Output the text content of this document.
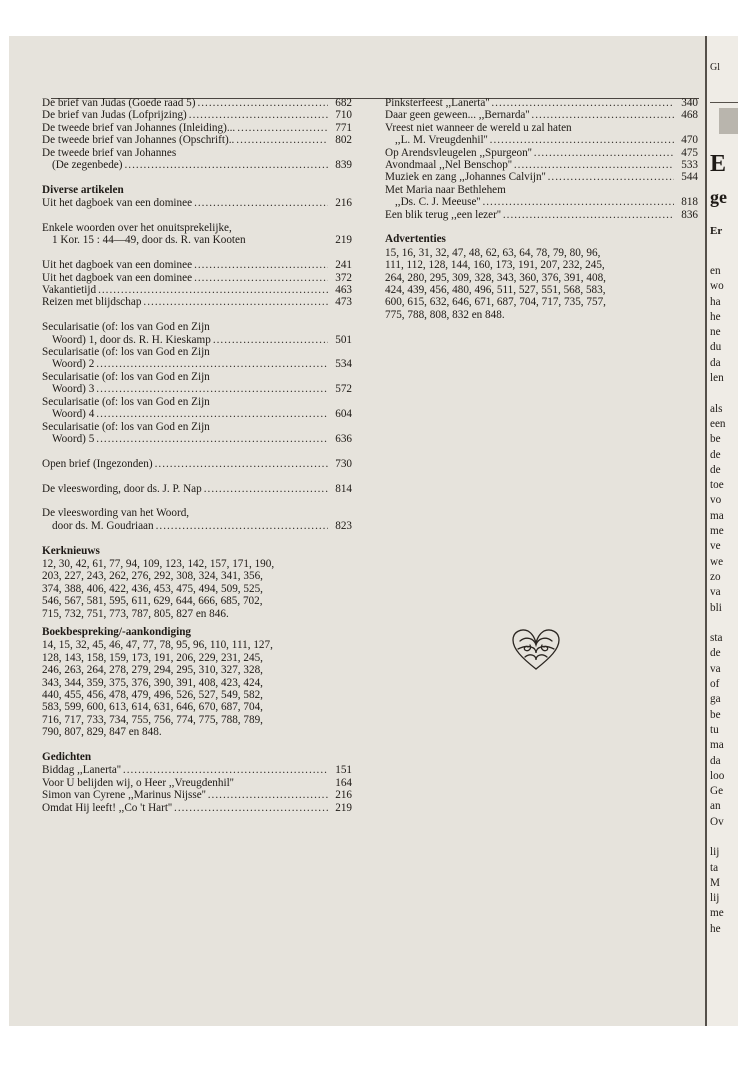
De brief van Judas (Goede raad 5) .....	682
De brief van Judas (Lofprijzing) .....	710
De tweede brief van Johannes (Inleiding)... .....	771
De tweede brief van Johannes (Opschrift).. .....	802
De tweede brief van Johannes
(De zegenbede) .....	839
Diverse artikelen
Uit het dagboek van een dominee .....	216
Enkele woorden over het onuitsprekelijke,
1 Kor. 15 : 44—49, door ds. R. van Kooten	219
Uit het dagboek van een dominee .....	241
Uit het dagboek van een dominee .....	372
Vakantietijd .....	463
Reizen met blijdschap .....	473
Secularisatie (of: los van God en Zijn
Woord) 1, door ds. R. H. Kieskamp .....	501
Secularisatie (of: los van God en Zijn
Woord) 2 .....	534
Secularisatie (of: los van God en Zijn
Woord) 3 .....	572
Secularisatie (of: los van God en Zijn
Woord) 4 .....	604
Secularisatie (of: los van God en Zijn
Woord) 5 .....	636
Open brief (Ingezonden) .....	730
De vleeswording, door ds. J. P. Nap .....	814
De vleeswording van het Woord,
door ds. M. Goudriaan .....	823
Kerknieuws
12, 30, 42, 61, 77, 94, 109, 123, 142, 157, 171, 190,
203, 227, 243, 262, 276, 292, 308, 324, 341, 356,
374, 388, 406, 422, 436, 453, 475, 494, 509, 525,
546, 567, 581, 595, 611, 629, 644, 666, 685, 702,
715, 732, 751, 773, 787, 805, 827 en 846.
Boekbespreking/-aankondiging
14, 15, 32, 45, 46, 47, 77, 78, 95, 96, 110, 111, 127,
128, 143, 158, 159, 173, 191, 206, 229, 231, 245,
246, 263, 264, 278, 279, 294, 295, 310, 327, 328,
343, 344, 359, 375, 376, 390, 391, 408, 423, 424,
440, 455, 456, 478, 479, 496, 526, 527, 549, 582,
583, 599, 600, 613, 614, 631, 646, 670, 687, 704,
716, 717, 733, 734, 755, 756, 774, 775, 788, 789,
790, 807, 829, 847 en 848.
Gedichten
Biddag ,,Lanerta'' .....	151
Voor U belijden wij, o Heer ,,Vreugdenhil''	164
Simon van Cyrene ,,Marinus Nijsse'' .....	216
Omdat Hij leeft! ,,Co 't Hart'' .....	219
Pinksterfeest ,,Lanerta'' .....	340
Daar geen geween... ,,Bernarda'' .....	468
Vreest niet wanneer de wereld u zal haten
,,L. M. Vreugdenhil'' .....	470
Op Arendsvleugelen ,,Spurgeon'' .....	475
Avondmaal ,,Nel Benschop'' .....	533
Muziek en zang ,,Johannes Calvijn'' .....	544
Met Maria naar Bethlehem
,,Ds. C. J. Meeuse'' .....	818
Een blik terug ,,een lezer'' .....	836
Advertenties
15, 16, 31, 32, 47, 48, 62, 63, 64, 78, 79, 80, 96,
111, 112, 128, 144, 160, 173, 191, 207, 232, 245,
264, 280, 295, 309, 328, 343, 360, 376, 391, 408,
424, 439, 456, 480, 496, 511, 527, 551, 568, 583,
600, 615, 632, 646, 671, 687, 704, 717, 735, 757,
775, 788, 808, 832 en 848.
Gl
E
ge
Er
en
wo
ha
he
ne
du
da
len
als
een
be
de
de
toe
vo
ma
me
ve
we
zo
va
bli
sta
de
va
of
ga
be
tu
ma
da
loo
Ge
an
Ov
lij
ta
M
lij
me
he
